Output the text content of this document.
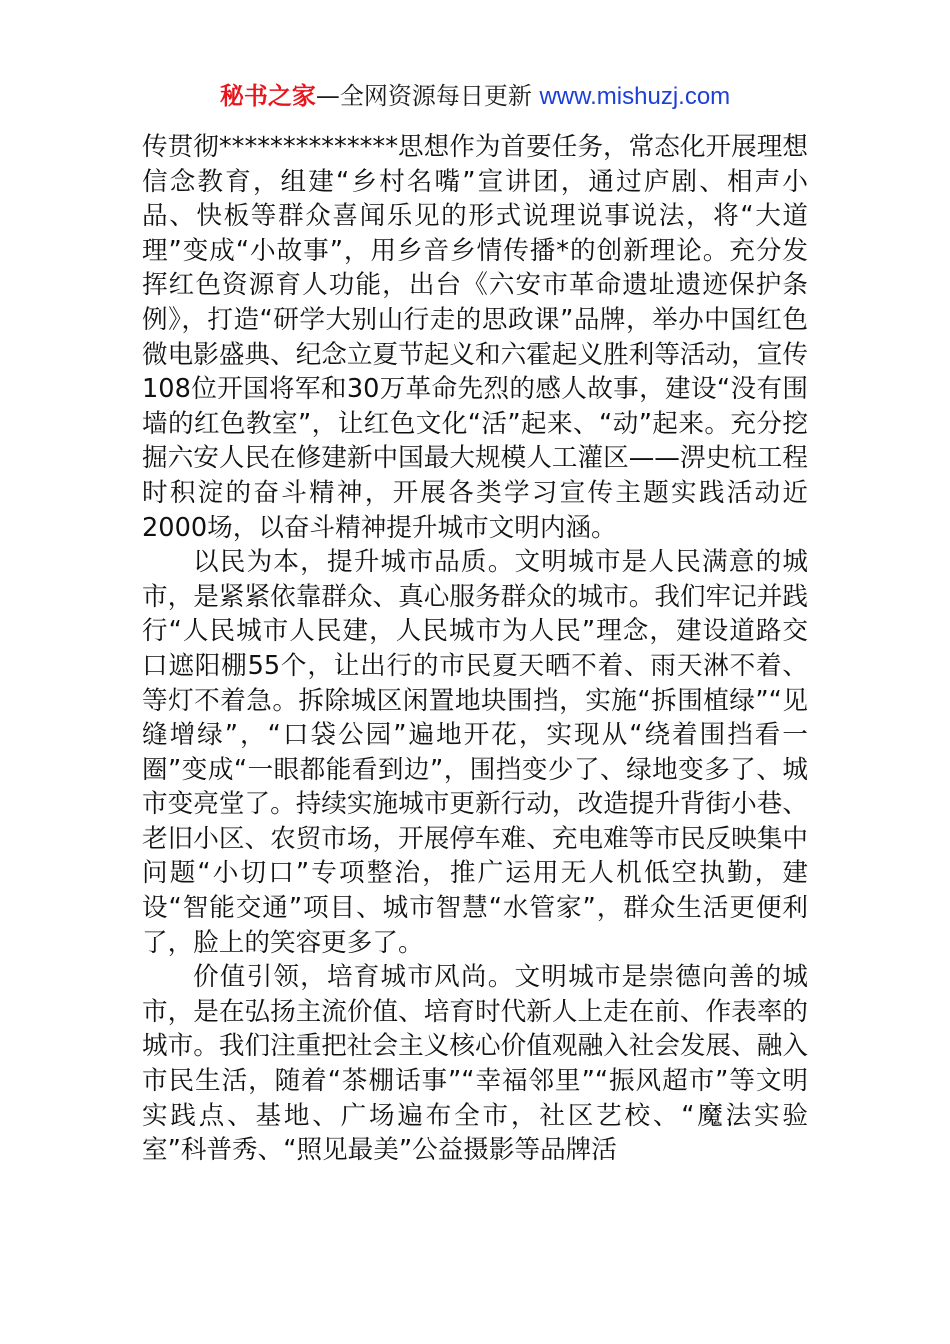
秘书之家—全网资源每日更新 www.mishuzj.com

传贯彻**************思想作为首要任务，常态化开展理想信念教育，组建“乡村名嘴”宣讲团，通过庐剧、相声小品、快板等群众喜闻乐见的形式说理说事说法，将“大道理”变成“小故事”，用乡音乡情传播*的创新理论。充分发挥红色资源育人功能，出台《六安市革命遗址遗迹保护条例》，打造“研学大别山行走的思政课”品牌，举办中国红色微电影盛典、纪念立夏节起义和六霍起义胜利等活动，宣传108位开国将军和30万革命先烈的感人故事，建设“没有围墙的红色教室”，让红色文化“活”起来、“动”起来。充分挖掘六安人民在修建新中国最大规模人工灌区——淠史杭工程时积淀的奋斗精神，开展各类学习宣传主题实践活动近2000场，以奋斗精神提升城市文明内涵。

以民为本，提升城市品质。文明城市是人民满意的城市，是紧紧依靠群众、真心服务群众的城市。我们牢记并践行“人民城市人民建，人民城市为人民”理念，建设道路交口遮阳棚55个，让出行的市民夏天晒不着、雨天淋不着、等灯不着急。拆除城区闲置地块围挡，实施“拆围植绿”“见缝增绿”，“口袋公园”遍地开花，实现从“绕着围挡看一圈”变成“一眼都能看到边”，围挡变少了、绿地变多了、城市变亮堂了。持续实施城市更新行动，改造提升背街小巷、老旧小区、农贸市场，开展停车难、充电难等市民反映集中问题“小切口”专项整治，推广运用无人机低空执勤，建设“智能交通”项目、城市智慧“水管家”，群众生活更便利了，脸上的笑容更多了。

价值引领，培育城市风尚。文明城市是崇德向善的城市，是在弘扬主流价值、培育时代新人上走在前、作表率的城市。我们注重把社会主义核心价值观融入社会发展、融入市民生活，随着“茶棚话事”“幸福邻里”“振风超市”等文明实践点、基地、广场遍布全市，社区艺校、“魔法实验室”科普秀、“照见最美”公益摄影等品牌活
